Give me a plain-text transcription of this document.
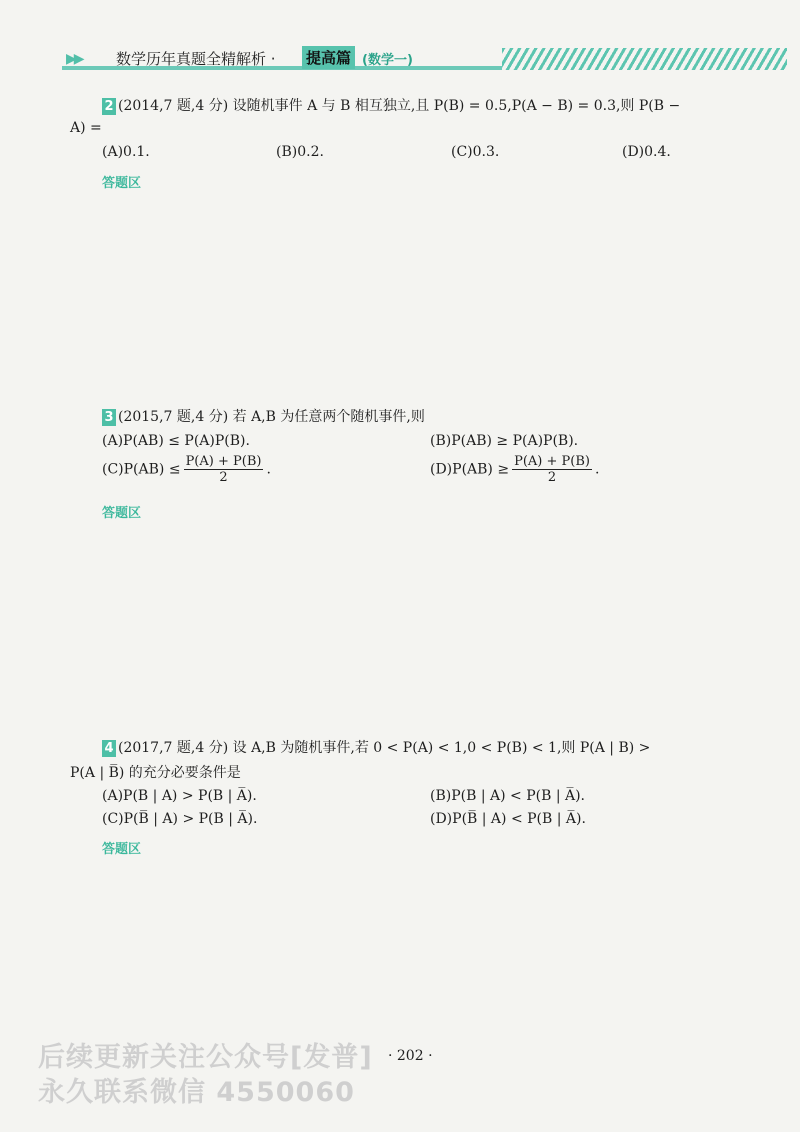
▶▶ 数学历年真题全精解析 · 提高篇 (数学一)
2 (2014,7 题,4 分) 设随机事件 A 与 B 相互独立,且 P(B) = 0.5,P(A − B) = 0.3,则 P(B −
A) =
(A)0.1.	(B)0.2.	(C)0.3.	(D)0.4.
答题区
3 (2015,7 题,4 分) 若 A,B 为任意两个随机事件,则
(A)P(AB) ≤ P(A)P(B).	(B)P(AB) ≥ P(A)P(B).
$(C)P(AB) \le \frac{P(A) + P(B)}{2}$ .	$(D)P(AB) \ge \frac{P(A) + P(B)}{2}$ .
答题区
4 (2017,7 题,4 分) 设 A,B 为随机事件,若 0 < P(A) < 1,0 < P(B) < 1,则 P(A | B) >
P(A | B̅) 的充分必要条件是
(A)P(B | A) > P(B | A̅).	(B)P(B | A) < P(B | A̅).
(C)P(B̅ | A) > P(B | A̅).	(D)P(B̅ | A) < P(B | A̅).
答题区
· 202 ·
后续更新关注公众号[发普]
永久联系微信 4550060
